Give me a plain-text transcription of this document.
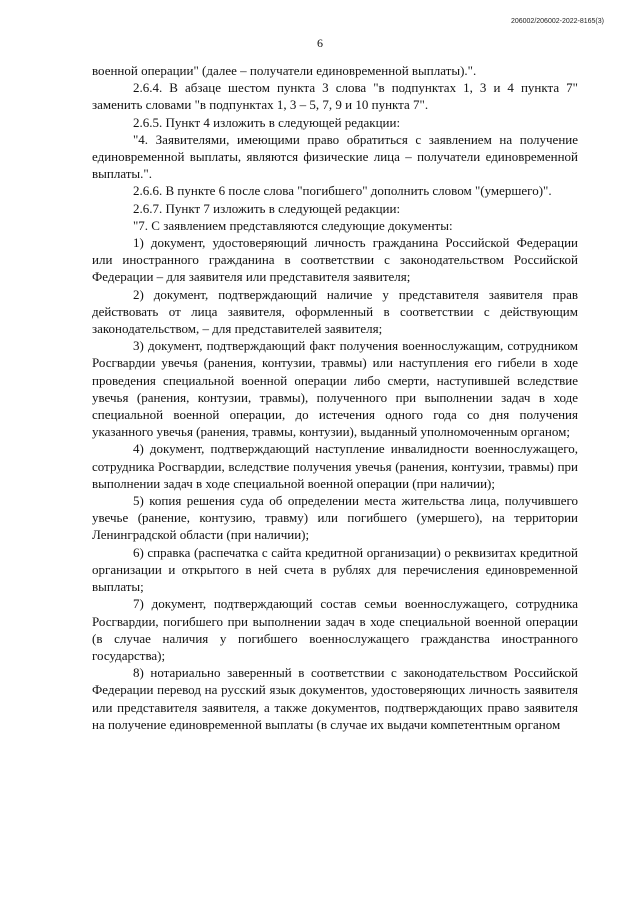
206002/206002-2022-8165(3)
6

военной операции" (далее – получатели единовременной выплаты).".

2.6.4. В абзаце шестом пункта 3 слова "в подпунктах 1, 3 и 4 пункта 7" заменить словами "в подпунктах 1, 3 – 5, 7, 9 и 10 пункта 7".

2.6.5. Пункт 4 изложить в следующей редакции:

"4. Заявителями, имеющими право обратиться с заявлением на получение единовременной выплаты, являются физические лица – получатели единовременной выплаты.".

2.6.6. В пункте 6 после слова "погибшего" дополнить словом "(умершего)".

2.6.7. Пункт 7 изложить в следующей редакции:

"7. С заявлением представляются следующие документы:

1) документ, удостоверяющий личность гражданина Российской Федерации или иностранного гражданина в соответствии с законодательством Российской Федерации – для заявителя или представителя заявителя;

2) документ, подтверждающий наличие у представителя заявителя прав действовать от лица заявителя, оформленный в соответствии с действующим законодательством, – для представителей заявителя;

3) документ, подтверждающий факт получения военнослужащим, сотрудником Росгвардии увечья (ранения, контузии, травмы) или наступления его гибели в ходе проведения специальной военной операции либо смерти, наступившей вследствие увечья (ранения, контузии, травмы), полученного при выполнении задач в ходе специальной военной операции, до истечения одного года со дня получения указанного увечья (ранения, травмы, контузии), выданный уполномоченным органом;

4) документ, подтверждающий наступление инвалидности военнослужащего, сотрудника Росгвардии, вследствие получения увечья (ранения, контузии, травмы) при выполнении задач в ходе специальной военной операции (при наличии);

5) копия решения суда об определении места жительства лица, получившего увечье (ранение, контузию, травму) или погибшего (умершего), на территории Ленинградской области (при наличии);

6) справка (распечатка с сайта кредитной организации) о реквизитах кредитной организации и открытого в ней счета в рублях для перечисления единовременной выплаты;

7) документ, подтверждающий состав семьи военнослужащего, сотрудника Росгвардии, погибшего при выполнении задач в ходе специальной военной операции (в случае наличия у погибшего военнослужащего гражданства иностранного государства);

8) нотариально заверенный в соответствии с законодательством Российской Федерации перевод на русский язык документов, удостоверяющих личность заявителя или представителя заявителя, а также документов, подтверждающих право заявителя на получение единовременной выплаты (в случае их выдачи компетентным органом
